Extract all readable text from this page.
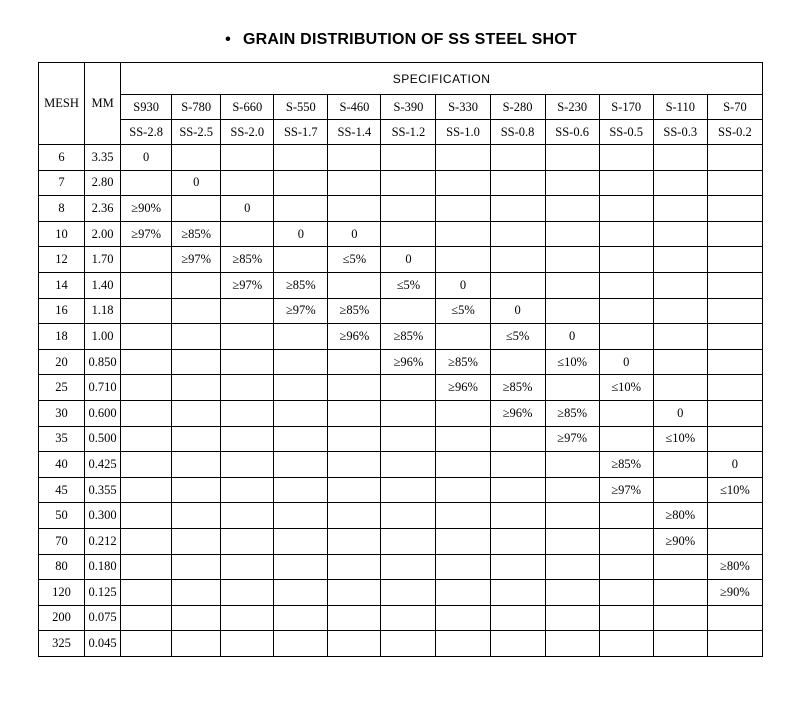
• GRAIN DISTRIBUTION OF SS STEEL SHOT
MESH	MM	SPECIFICATION											
		S930	S-780	S-660	S-550	S-460	S-390	S-330	S-280	S-230	S-170	S-110	S-70
		SS-2.8	SS-2.5	SS-2.0	SS-1.7	SS-1.4	SS-1.2	SS-1.0	SS-0.8	SS-0.6	SS-0.5	SS-0.3	SS-0.2
6	3.35	0											
7	2.80		0										
8	2.36	≥90%		0									
10	2.00	≥97%	≥85%		0	0							
12	1.70		≥97%	≥85%		≤5%	0						
14	1.40			≥97%	≥85%		≤5%	0					
16	1.18				≥97%	≥85%		≤5%	0				
18	1.00					≥96%	≥85%		≤5%	0			
20	0.850						≥96%	≥85%		≤10%	0		
25	0.710							≥96%	≥85%		≤10%		
30	0.600								≥96%	≥85%		0	
35	0.500									≥97%		≤10%	
40	0.425										≥85%		0
45	0.355										≥97%		≤10%
50	0.300											≥80%	
70	0.212											≥90%	
80	0.180												≥80%
120	0.125												≥90%
200	0.075												
325	0.045												
